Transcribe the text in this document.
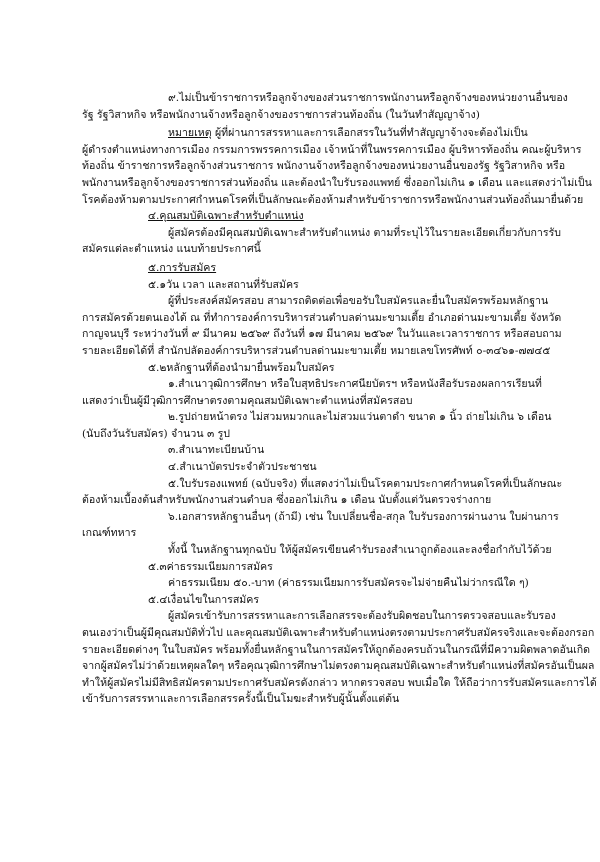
๙.ไม่เป็นข้าราชการหรือลูกจ้างของส่วนราชการพนักงานหรือลูกจ้างของหน่วยงานอื่นของ
รัฐ รัฐวิสาหกิจ หรือพนักงานจ้างหรือลูกจ้างของราชการส่วนท้องถิ่น (ในวันทำสัญญาจ้าง)
หมายเหตุ ผู้ที่ผ่านการสรรหาและการเลือกสรรในวันที่ทำสัญญาจ้างจะต้องไม่เป็น
ผู้ดำรงตำแหน่งทางการเมือง กรรมการพรรคการเมือง เจ้าหน้าที่ในพรรคการเมือง ผู้บริหารท้องถิ่น คณะผู้บริหาร
ท้องถิ่น ข้าราชการหรือลูกจ้างส่วนราชการ พนักงานจ้างหรือลูกจ้างของหน่วยงานอื่นของรัฐ รัฐวิสาหกิจ หรือ
พนักงานหรือลูกจ้างของราชการส่วนท้องถิ่น และต้องนำใบรับรองแพทย์ ซึ่งออกไม่เกิน ๑ เดือน และแสดงว่าไม่เป็น
โรคต้องห้ามตามประกาศกำหนดโรคที่เป็นลักษณะต้องห้ามสำหรับข้าราชการหรือพนักงานส่วนท้องถิ่นมายื่นด้วย
๔.คุณสมบัติเฉพาะสำหรับตำแหน่ง
ผู้สมัครต้องมีคุณสมบัติเฉพาะสำหรับตำแหน่ง ตามที่ระบุไว้ในรายละเอียดเกี่ยวกับการรับ
สมัครแต่ละตำแหน่ง แนบท้ายประกาศนี้
๕.การรับสมัคร
๕.๑วัน เวลา และสถานที่รับสมัคร
ผู้ที่ประสงค์สมัครสอบ สามารถติดต่อเพื่อขอรับใบสมัครและยื่นใบสมัครพร้อมหลักฐาน
การสมัครด้วยตนเองได้ ณ ที่ทำการองค์การบริหารส่วนตำบลด่านมะขามเตี้ย อำเภอด่านมะขามเตี้ย จังหวัด
กาญจนบุรี ระหว่างวันที่ ๙ มีนาคม ๒๕๖๙ ถึงวันที่ ๑๗ มีนาคม ๒๕๖๙ ในวันและเวลาราชการ หรือสอบถาม
รายละเอียดได้ที่ สำนักปลัดองค์การบริหารส่วนตำบลด่านมะขามเตี้ย หมายเลขโทรศัพท์ ๐-๓๔๖๑-๗๗๔๕
๕.๒หลักฐานที่ต้องนำมายื่นพร้อมใบสมัคร
๑.สำเนาวุฒิการศึกษา หรือใบสุทธิประกาศนียบัตรฯ หรือหนังสือรับรองผลการเรียนที่
แสดงว่าเป็นผู้มีวุฒิการศึกษาตรงตามคุณสมบัติเฉพาะตำแหน่งที่สมัครสอบ
๒.รูปถ่ายหน้าตรง ไม่สวมหมวกและไม่สวมแว่นตาดำ ขนาด ๑ นิ้ว ถ่ายไม่เกิน ๖ เดือน
(นับถึงวันรับสมัคร) จำนวน ๓ รูป
๓.สำเนาทะเบียนบ้าน
๔.สำเนาบัตรประจำตัวประชาชน
๕.ใบรับรองแพทย์ (ฉบับจริง) ที่แสดงว่าไม่เป็นโรคตามประกาศกำหนดโรคที่เป็นลักษณะ
ต้องห้ามเบื้องต้นสำหรับพนักงานส่วนตำบล ซึ่งออกไม่เกิน ๑ เดือน นับตั้งแต่วันตรวจร่างกาย
๖.เอกสารหลักฐานอื่นๆ (ถ้ามี) เช่น ใบเปลี่ยนชื่อ-สกุล ใบรับรองการผ่านงาน ใบผ่านการ
เกณฑ์ทหาร
ทั้งนี้ ในหลักฐานทุกฉบับ ให้ผู้สมัครเขียนคำรับรองสำเนาถูกต้องและลงชื่อกำกับไว้ด้วย
๕.๓ค่าธรรมเนียมการสมัคร
ค่าธรรมเนียม ๕๐.-บาท (ค่าธรรมเนียมการรับสมัครจะไม่จ่ายคืนไม่ว่ากรณีใด ๆ)
๕.๔เงื่อนไขในการสมัคร
ผู้สมัครเข้ารับการสรรหาและการเลือกสรรจะต้องรับผิดชอบในการตรวจสอบและรับรอง
ตนเองว่าเป็นผู้มีคุณสมบัติทั่วไป และคุณสมบัติเฉพาะสำหรับตำแหน่งตรงตามประกาศรับสมัครจริงและจะต้องกรอก
รายละเอียดต่างๆ ในใบสมัคร พร้อมทั้งยื่นหลักฐานในการสมัครให้ถูกต้องครบถ้วนในกรณีที่มีความผิดพลาดอันเกิด
จากผู้สมัครไม่ว่าด้วยเหตุผลใดๆ หรือคุณวุฒิการศึกษาไม่ตรงตามคุณสมบัติเฉพาะสำหรับตำแหน่งที่สมัครอันเป็นผล
ทำให้ผู้สมัครไม่มีสิทธิสมัครตามประกาศรับสมัครดังกล่าว หากตรวจสอบ พบเมื่อใด ให้ถือว่าการรับสมัครและการได้
เข้ารับการสรรหาและการเลือกสรรครั้งนี้เป็นโมฆะสำหรับผู้นั้นตั้งแต่ต้น
